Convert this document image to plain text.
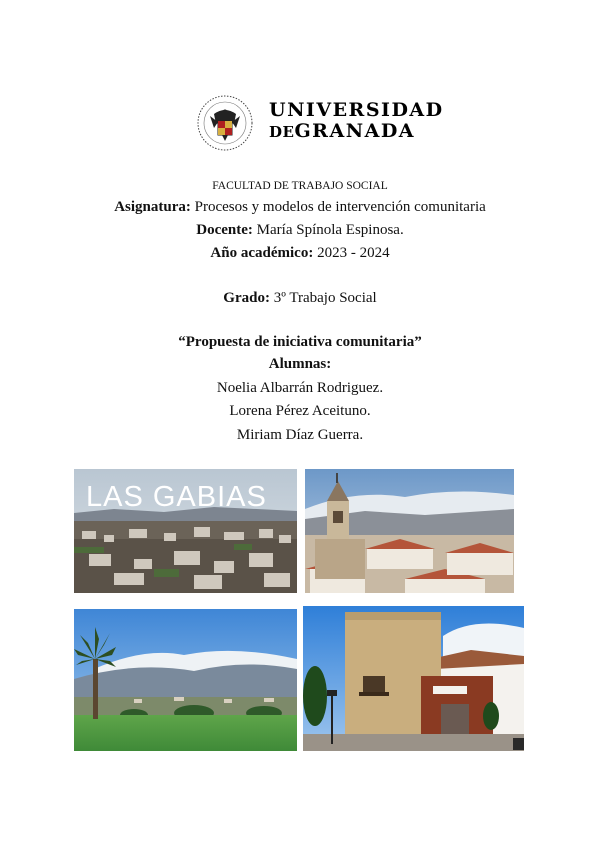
UNIVERSIDAD
DEGRANADA
FACULTAD DE TRABAJO SOCIAL
Asignatura: Procesos y modelos de intervención comunitaria
Docente: María Spínola Espinosa.
Año académico: 2023 - 2024
Grado: 3º Trabajo Social
“Propuesta de iniciativa comunitaria”
Alumnas:
Noelia Albarrán Rodriguez.
Lorena Pérez Aceituno.
Miriam Díaz Guerra.
LAS GABIAS
